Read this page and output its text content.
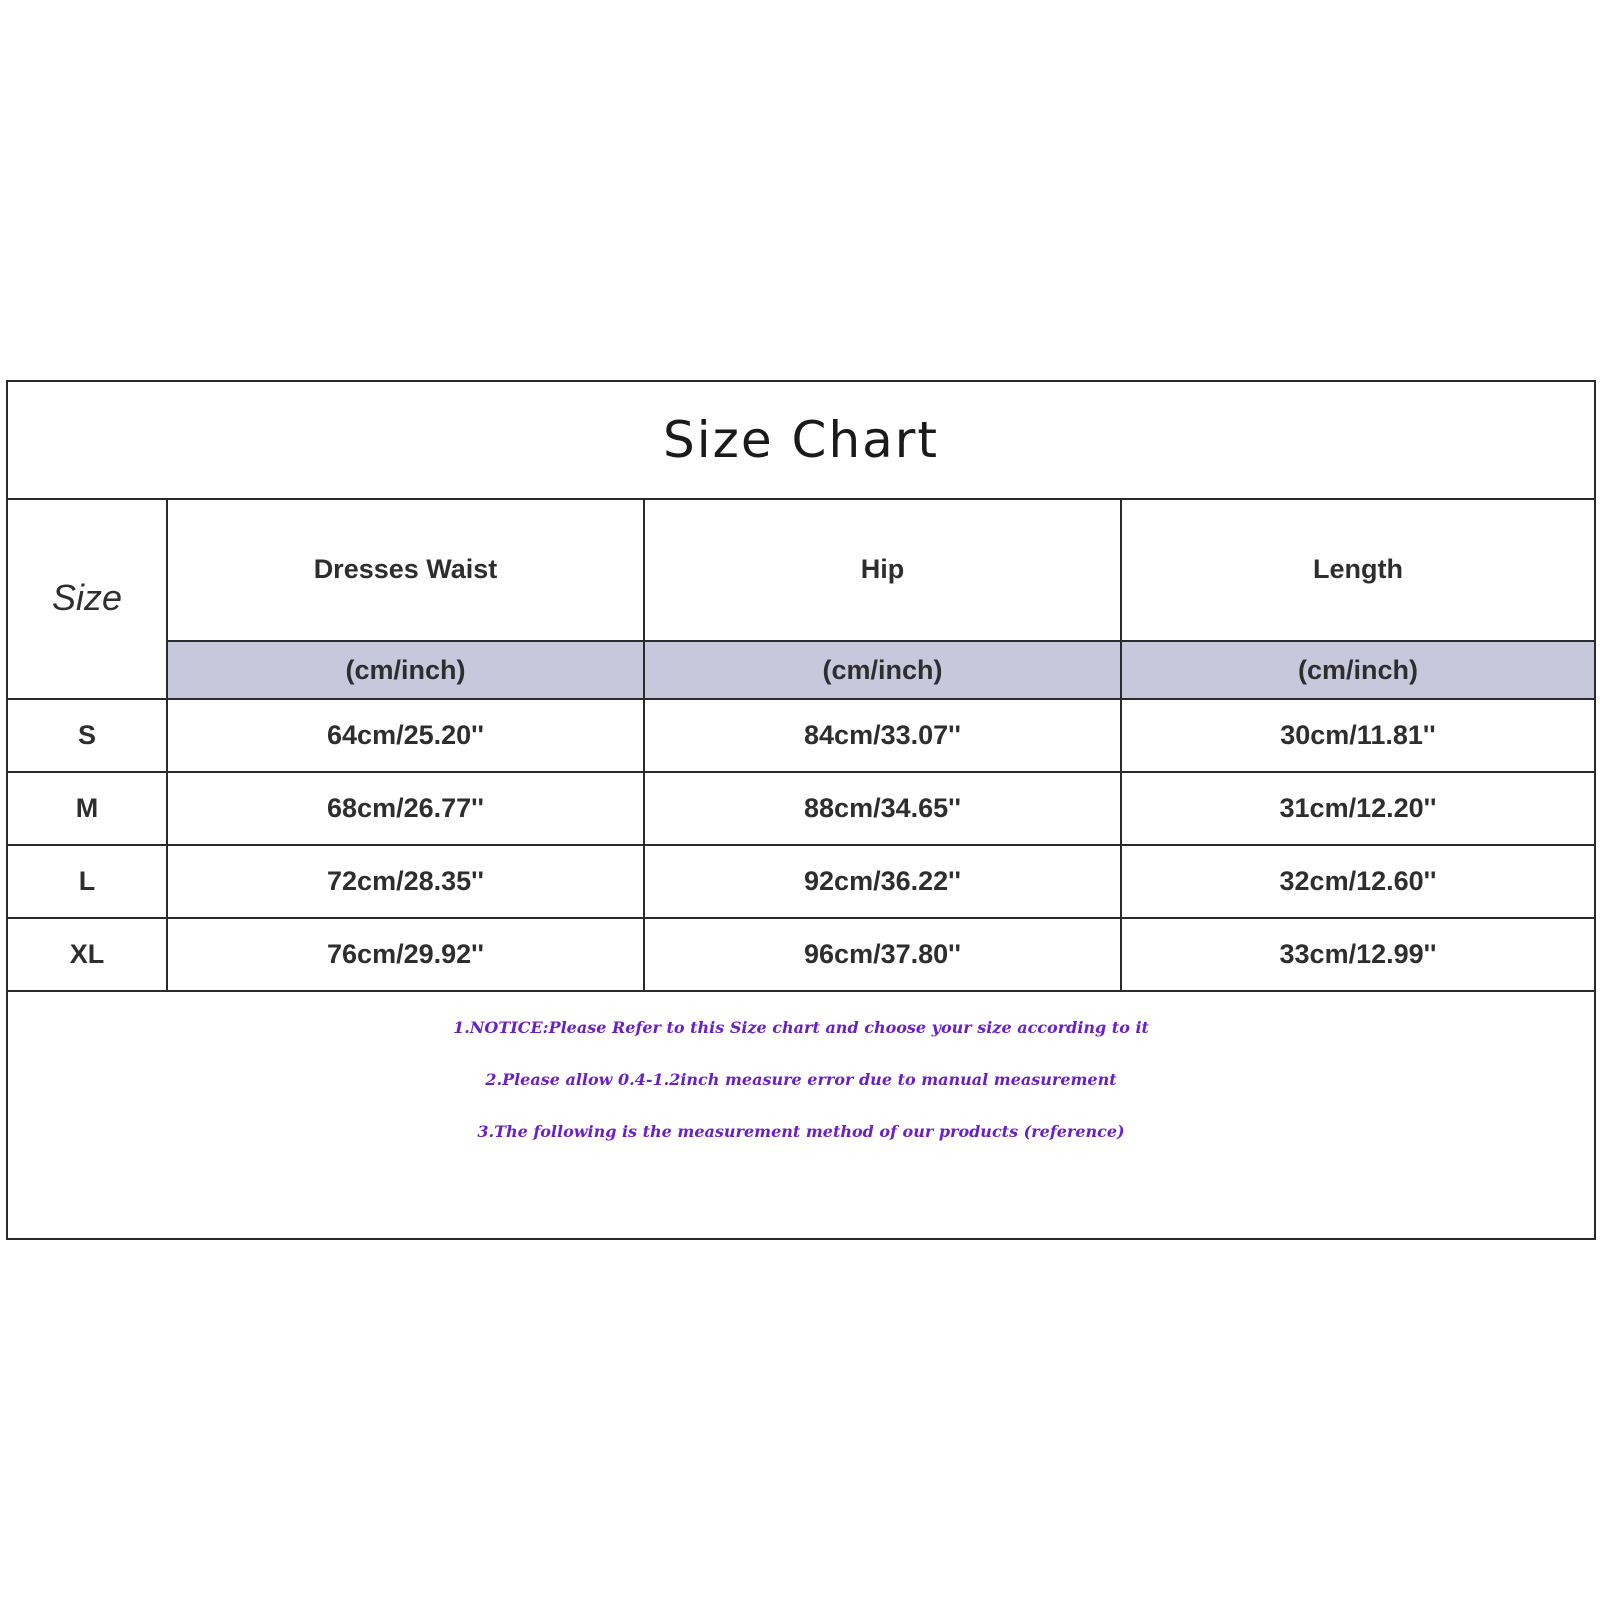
Size Chart
Size	Dresses Waist	Hip	Length
	(cm/inch)	(cm/inch)	(cm/inch)
S	64cm/25.20''	84cm/33.07''	30cm/11.81''
M	68cm/26.77''	88cm/34.65''	31cm/12.20''
L	72cm/28.35''	92cm/36.22''	32cm/12.60''
XL	76cm/29.92''	96cm/37.80''	33cm/12.99''
1.NOTICE:Please Refer to this Size chart and choose your size according to it
2.Please allow 0.4-1.2inch measure error due to manual measurement
3.The following is the measurement method of our products (reference)
